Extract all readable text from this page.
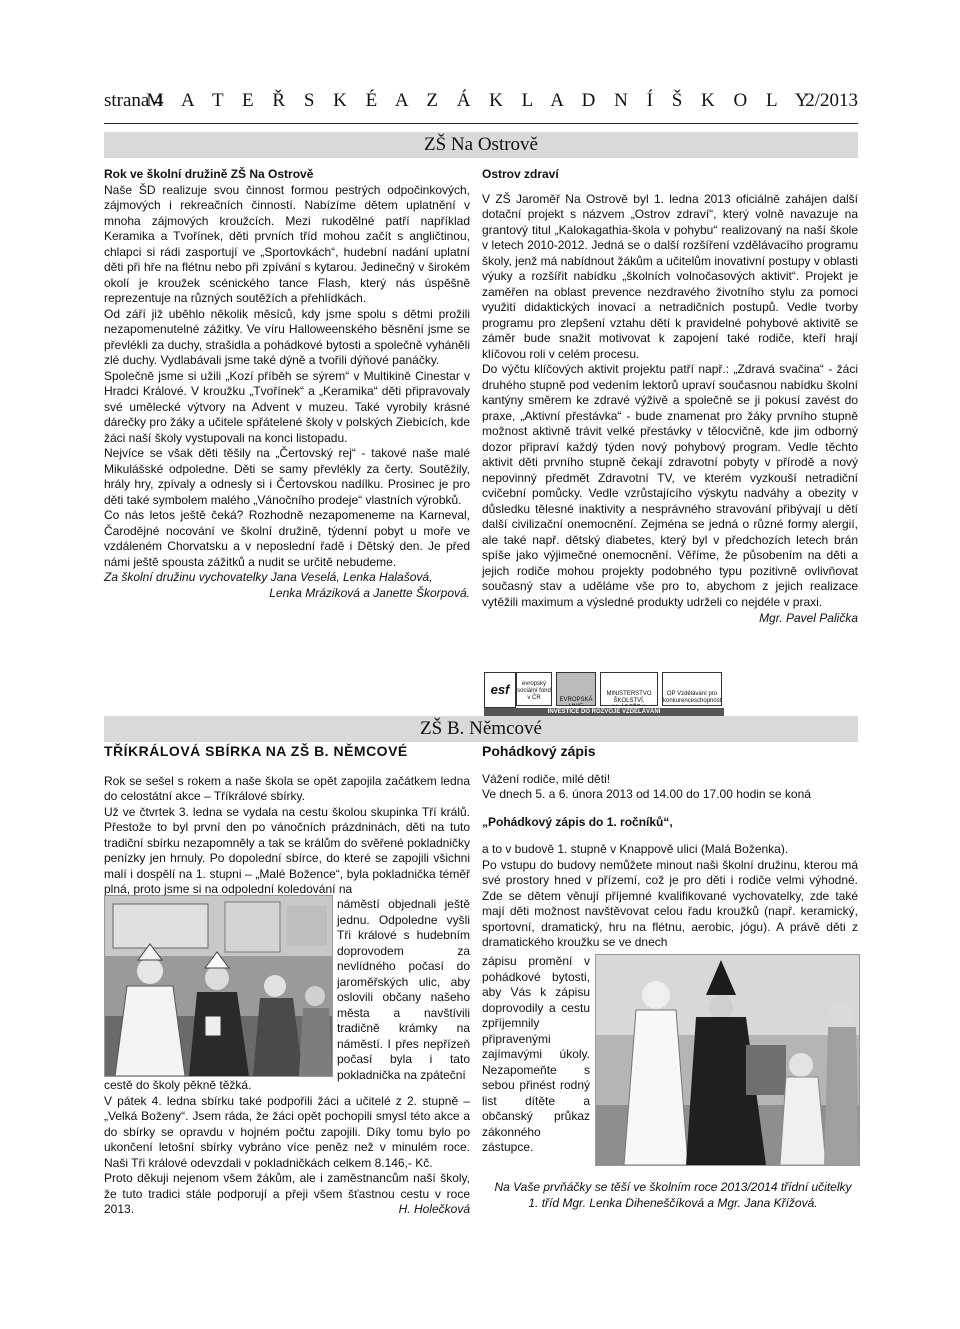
strana 4
M A T E Ř S K É A Z Á K L A D N Í Š K O L Y
2/2013
ZŠ Na Ostrově

Rok ve školní družině ZŠ Na Ostrově

Naše ŠD realizuje svou činnost formou pestrých odpočinkových, zájmových i rekreačních činností. Nabízíme dětem uplatnění v mnoha zájmových kroužcích. Mezi rukodělné patří například Keramika a Tvořínek, děti prvních tříd mohou začít s angličtinou, chlapci si rádi zasportují ve „Sportovkách“, hudební nadání uplatní děti při hře na flétnu nebo při zpívání s kytarou. Jedinečný v širokém okolí je kroužek scénického tance Flash, který nás úspěšně reprezentuje na různých soutěžích a přehlídkách.

Od září již uběhlo několik měsíců, kdy jsme spolu s dětmi prožili nezapomenutelné zážitky. Ve víru Halloweenského běsnění jsme se převlékli za duchy, strašidla a pohádkové bytosti a společně vyháněli zlé duchy. Vydlabávali jsme také dýně a tvořili dýňové panáčky.

Společně jsme si užili „Kozí příběh se sýrem“ v Multikině Cinestar v Hradci Králové. V kroužku „Tvořínek“ a „Keramika“ děti připravovaly své umělecké výtvory na Advent v muzeu. Také vyrobily krásné dárečky pro žáky a učitele spřátelené školy v polských Ziebicích, kde žáci naší školy vystupovali na konci listopadu.

Nejvíce se však děti těšily na „Čertovský rej“ - takové naše malé Mikulášské odpoledne. Děti se samy převlékly za čerty. Soutěžily, hrály hry, zpívaly a odnesly si i Čertovskou nadílku. Prosinec je pro děti také symbolem malého „Vánočního prodeje“ vlastních výrobků.

Co nás letos ještě čeká? Rozhodně nezapomeneme na Karneval, Čarodějné nocování ve školní družině, týdenní pobyt u moře ve vzdáleném Chorvatsku a v neposlední řadě i Dětský den. Je před námi ještě spousta zážitků a nudit se určitě nebudeme.

Za školní družinu vychovatelky Jana Veselá, Lenka Halašová,

Lenka Mráziková a Janette Škorpová.

Ostrov zdraví

V ZŠ Jaroměř Na Ostrově byl 1. ledna 2013 oficiálně zahájen další dotační projekt s názvem „Ostrov zdraví“, který volně navazuje na grantový titul „Kalokagathia-škola v pohybu“ realizovaný na naší škole v letech 2010-2012. Jedná se o další rozšíření vzdělávacího programu školy, jenž má nabídnout žákům a učitelům inovativní postupy v oblasti výuky a rozšířit nabídku „školních volnočasových aktivit“. Projekt je zaměřen na oblast prevence nezdravého životního stylu za pomoci využití didaktických inovací a netradičních postupů. Vedle tvorby programu pro zlepšení vztahu dětí k pravidelné pohybové aktivitě se záměr bude snažit motivovat k zapojení také rodiče, kteří hrají klíčovou roli v celém procesu.

Do výčtu klíčových aktivit projektu patří např.: „Zdravá svačina“ - žáci druhého stupně pod vedením lektorů upraví současnou nabídku školní kantýny směrem ke zdravé výživě a společně se ji pokusí zavést do praxe, „Aktivní přestávka“ - bude znamenat pro žáky prvního stupně možnost aktivně trávit velké přestávky v tělocvičně, kde jim odborný dozor připraví každý týden nový pohybový program. Vedle těchto aktivit děti prvního stupně čekají zdravotní pobyty v přírodě a nový nepovinný předmět Zdravotní TV, ve kterém vyzkouší netradiční cvičební pomůcky. Vedle vzrůstajícího výskytu nadváhy a obezity v důsledku tělesné inaktivity a nesprávného stravování přibývají u dětí další civilizační onemocnění. Zejména se jedná o různé formy alergií, ale také např. dětský diabetes, který byl v předchozích letech brán spíše jako výjimečné onemocnění. Věříme, že působením na děti a jejich rodiče mohou projekty podobného typu pozitivně ovlivňovat současný stav a uděláme vše pro to, abychom z jejich realizace vytěžili maximum a výsledné produkty udrželi co nejdéle v praxi.

Mgr. Pavel Palička

esf	evropský sociální fond v ČR	EVROPSKÁ
MINISTERSTVO ŠKOLSTVÍ,
OP Vzdělávání pro konkurenceschopnost
INVESTICE DO ROZVOJE VZDĚLÁVÁNÍ
ZŠ B. Němcové

TŘÍKRÁLOVÁ SBÍRKA NA ZŠ B. NĚMCOVÉ

Rok se sešel s rokem a naše škola se opět zapojila začátkem ledna do celostátní akce – Tříkrálové sbírky.

Už ve čtvrtek 3. ledna se vydala na cestu školou skupinka Tří králů. Přestože to byl první den po vánočních prázdninách, děti na tuto tradiční sbírku nezapomněly a tak se králům do svěřené pokladničky penízky jen hrnuly. Po dopolední sbírce, do které se zapojili všichni malí i dospělí na 1. stupni – „Malé Božence“, byla pokladnička téměř plná, proto jsme si na odpolední koledování na

náměstí objednali ještě jednu. Odpoledne vyšli Tři králové s hudebním doprovodem za nevlídného počasí do jaroměřských ulic, aby oslovili občany našeho města a navštívili tradičně krámky na náměstí. I přes nepřízeň počasí byla i tato pokladnička na zpáteční

cestě do školy pěkně těžká.

V pátek 4. ledna sbírku také podpořili žáci a učitelé z 2. stupně – „Velká Boženy“. Jsem ráda, že žáci opět pochopili smysl této akce a do sbírky se opravdu v hojném počtu zapojili. Díky tomu bylo po ukončení letošní sbírky vybráno více peněz než v minulém roce. Naši Tři králové odevzdali v pokladničkách celkem 8.146,- Kč.

Proto děkuji nejenom všem žákům, ale i zaměstnancům naší školy, že tuto tradici stále podporují a přeji všem šťastnou cestu v roce 2013.	H. Holečková

Pohádkový zápis

Vážení rodiče, milé děti!

Ve dnech 5. a 6. února 2013 od 14.00 do 17.00 hodin se koná

„Pohádkový zápis do 1. ročníků“,

a to v budově 1. stupně v Knappově ulici (Malá Boženka).

Po vstupu do budovy nemůžete minout naši školní družinu, kterou má své prostory hned v přízemí, což je pro děti i rodiče velmi výhodné. Zde se dětem věnují příjemné kvalifikované vychovatelky, zde také mají děti možnost navštěvovat celou řadu kroužků (např. keramický, sportovní, dramatický, hru na flétnu, aerobic, jógu). A právě děti z dramatického kroužku se ve dnech

zápisu promění v pohádkové bytosti, aby Vás k zápisu doprovodily a cestu zpříjemnily připravenými zajímavými úkoly. Nezapomeňte s sebou přinést rodný list dítěte a občanský průkaz zákonného zástupce.

Na Vaše prvňáčky se těší ve školním roce 2013/2014 třídní učitelky 1. tříd Mgr. Lenka Diheneščíková a Mgr. Jana Křížová.
